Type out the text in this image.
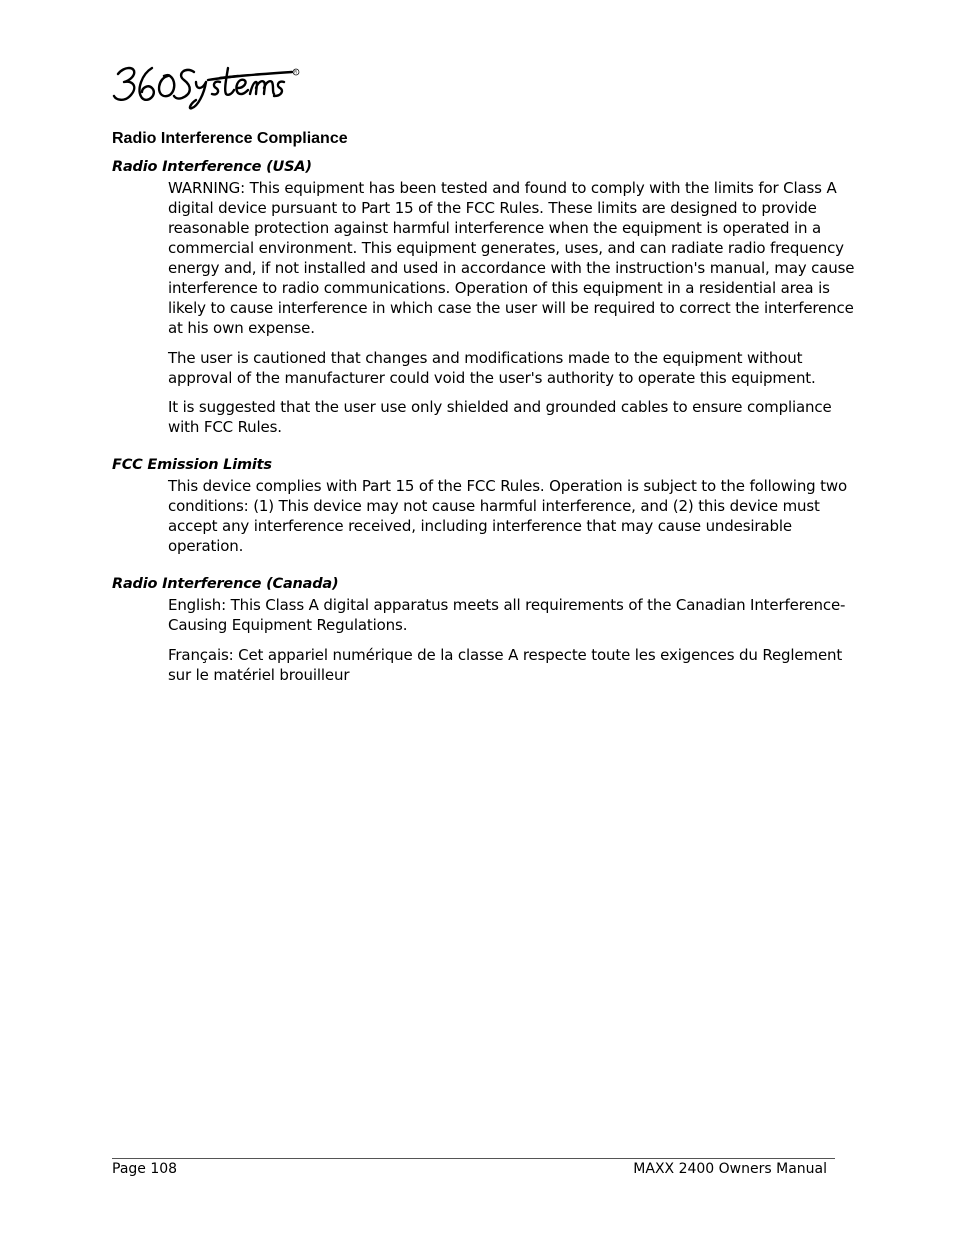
R
Radio Interference Compliance
Radio Interference (USA)

WARNING: This equipment has been tested and found to comply with the limits for Class A digital device pursuant to Part 15 of the FCC Rules. These limits are designed to provide reasonable protection against harmful interference when the equipment is operated in a commercial environment. This equipment generates, uses, and can radiate radio frequency energy and, if not installed and used in accordance with the instruction's manual, may cause interference to radio communications. Operation of this equipment in a residential area is likely to cause interference in which case the user will be required to correct the interference at his own expense.

The user is cautioned that changes and modifications made to the equipment without approval of the manufacturer could void the user's authority to operate this equipment.

It is suggested that the user use only shielded and grounded cables to ensure compliance with FCC Rules.

FCC Emission Limits

This device complies with Part 15 of the FCC Rules. Operation is subject to the following two conditions: (1) This device may not cause harmful interference, and (2) this device must accept any interference received, including interference that may cause undesirable operation.

Radio Interference (Canada)

English: This Class A digital apparatus meets all requirements of the Canadian Interference-Causing Equipment Regulations.

Français: Cet appariel numérique de la classe A respecte toute les exigences du Reglement sur le matériel brouilleur

Page 108	MAXX 2400 Owners Manual
